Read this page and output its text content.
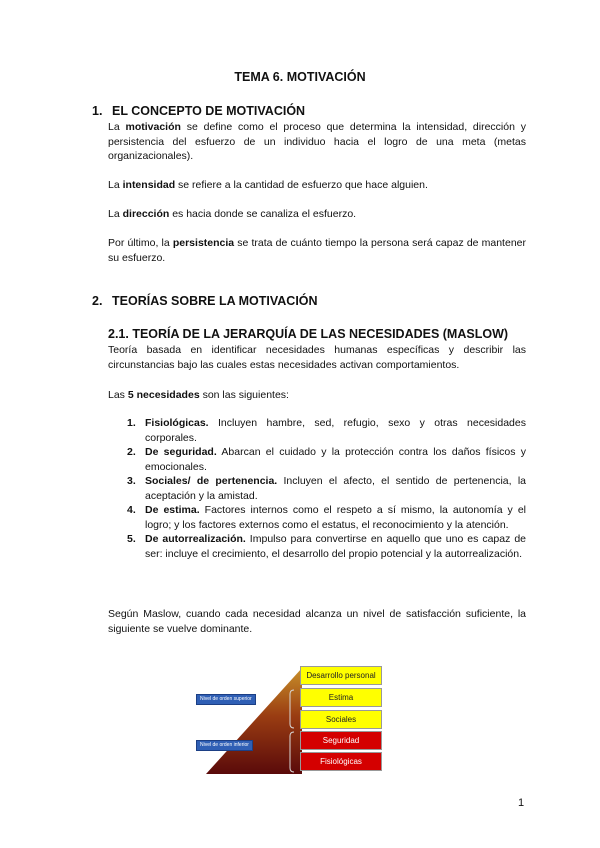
TEMA 6. MOTIVACIÓN
1. EL CONCEPTO DE MOTIVACIÓN
La motivación se define como el proceso que determina la intensidad, dirección y persistencia del esfuerzo de un individuo hacia el logro de una meta (metas organizacionales).
La intensidad se refiere a la cantidad de esfuerzo que hace alguien.
La dirección es hacia donde se canaliza el esfuerzo.
Por último, la persistencia se trata de cuánto tiempo la persona será capaz de mantener su esfuerzo.
2. TEORÍAS SOBRE LA MOTIVACIÓN
2.1. TEORÍA DE LA JERARQUÍA DE LAS NECESIDADES (MASLOW)
Teoría basada en identificar necesidades humanas específicas y describir las circunstancias bajo las cuales estas necesidades activan comportamientos.
Las 5 necesidades son las siguientes:
1. Fisiológicas. Incluyen hambre, sed, refugio, sexo y otras necesidades corporales.
2. De seguridad. Abarcan el cuidado y la protección contra los daños físicos y emocionales.
3. Sociales/ de pertenencia. Incluyen el afecto, el sentido de pertenencia, la aceptación y la amistad.
4. De estima. Factores internos como el respeto a sí mismo, la autonomía y el logro; y los factores externos como el estatus, el reconocimiento y la atención.
5. De autorrealización. Impulso para convertirse en aquello que uno es capaz de ser: incluye el crecimiento, el desarrollo del propio potencial y la autorrealización.
Según Maslow, cuando cada necesidad alcanza un nivel de satisfacción suficiente, la siguiente se vuelve dominante.
Desarrollo personal
Estima
Sociales
Seguridad
Fisiológicas
Nivel de orden superior
Nivel de orden inferior
1
